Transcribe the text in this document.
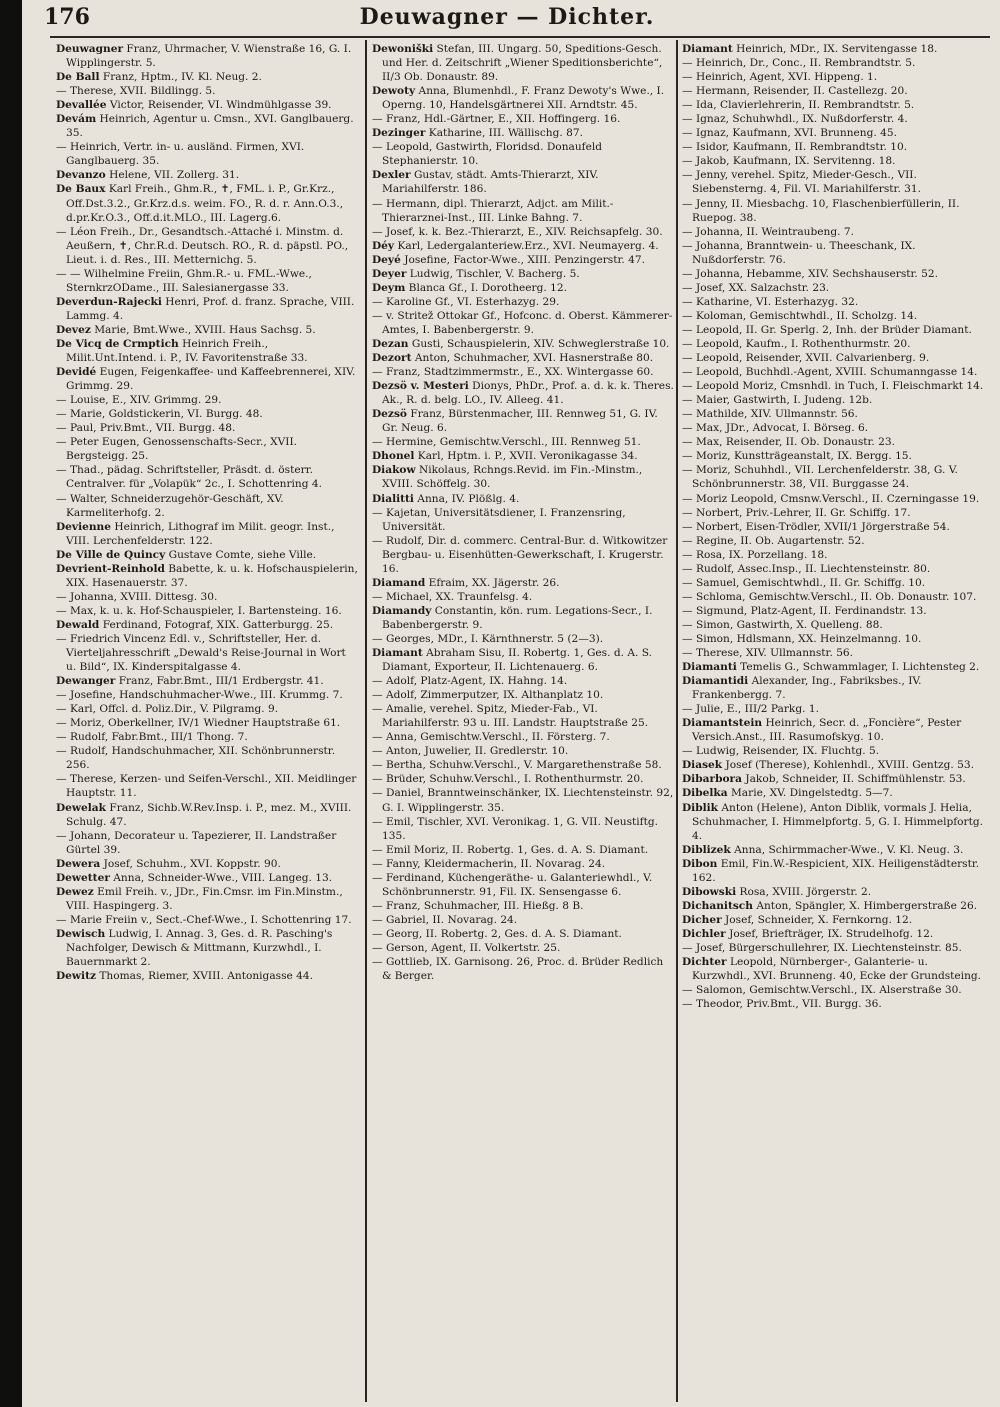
176	Deuwagner — Dichter.
Deuwagner Franz, Uhrmacher, V. Wienstraße 16, G. I. Wipplingerstr. 5.
De Ball Franz, Hptm., IV. Kl. Neug. 2.
— Therese, XVII. Bildlingg. 5.
Devallée Victor, Reisender, VI. Windmühlgasse 39.
Devám Heinrich, Agentur u. Cmsn., XVI. Ganglbauerg. 35.
— Heinrich, Vertr. in- u. ausländ. Firmen, XVI. Ganglbauerg. 35.
Devanzo Helene, VII. Zollerg. 31.
De Baux Karl Freih., Ghm.R., ✝, FML. i. P., Gr.Krz., Off.Dst.3.2., Gr.Krz.d.s. weim. FO., R. d. r. Ann.O.3., d.pr.Kr.O.3., Off.d.it.MLO., III. Lagerg.6.
— Léon Freih., Dr., Gesandtsch.-Attaché i. Minstm. d. Aeußern, ✝, Chr.R.d. Deutsch. RO., R. d. päpstl. PO., Lieut. i. d. Res., III. Metternichg. 5.
— — Wilhelmine Freiin, Ghm.R.- u. FML.-Wwe., SternkrzODame., III. Salesianergasse 33.
Deverdun-Rajecki Henri, Prof. d. franz. Sprache, VIII. Lammg. 4.
Devez Marie, Bmt.Wwe., XVIII. Haus Sachsg. 5.
De Vicq de Crmptich Heinrich Freih., Milit.Unt.Intend. i. P., IV. Favoritenstraße 33.
Devidé Eugen, Feigenkaffee- und Kaffeebrennerei, XIV. Grimmg. 29.
— Louise, E., XIV. Grimmg. 29.
— Marie, Goldstickerin, VI. Burgg. 48.
— Paul, Priv.Bmt., VII. Burgg. 48.
— Peter Eugen, Genossenschafts-Secr., XVII. Bergsteigg. 25.
— Thad., pädag. Schriftsteller, Präsdt. d. österr. Centralver. für „Volapük“ 2c., I. Schottenring 4.
— Walter, Schneiderzugehör-Geschäft, XV. Karmeliterhofg. 2.
Devienne Heinrich, Lithograf im Milit. geogr. Inst., VIII. Lerchenfelderstr. 122.
De Ville de Quincy Gustave Comte, siehe Ville.
Devrient-Reinhold Babette, k. u. k. Hofschauspielerin, XIX. Hasenauerstr. 37.
— Johanna, XVIII. Dittesg. 30.
— Max, k. u. k. Hof-Schauspieler, I. Bartensteing. 16.
Dewald Ferdinand, Fotograf, XIX. Gatterburgg. 25.
— Friedrich Vincenz Edl. v., Schriftsteller, Her. d. Vierteljahresschrift „Dewald's Reise-Journal in Wort u. Bild“, IX. Kinderspitalgasse 4.
Dewanger Franz, Fabr.Bmt., III/1 Erdbergstr. 41.
— Josefine, Handschuhmacher-Wwe., III. Krummg. 7.
— Karl, Offcl. d. Poliz.Dir., V. Pilgramg. 9.
— Moriz, Oberkellner, IV/1 Wiedner Hauptstraße 61.
— Rudolf, Fabr.Bmt., III/1 Thong. 7.
— Rudolf, Handschuhmacher, XII. Schönbrunnerstr. 256.
— Therese, Kerzen- und Seifen-Verschl., XII. Meidlinger Hauptstr. 11.
Dewelak Franz, Sichb.W.Rev.Insp. i. P., mez. M., XVIII. Schulg. 47.
— Johann, Decorateur u. Tapezierer, II. Landstraßer Gürtel 39.
Dewera Josef, Schuhm., XVI. Koppstr. 90.
Dewetter Anna, Schneider-Wwe., VIII. Langeg. 13.
Dewez Emil Freih. v., JDr., Fin.Cmsr. im Fin.Minstm., VIII. Haspingerg. 3.
— Marie Freiin v., Sect.-Chef-Wwe., I. Schottenring 17.
Dewisch Ludwig, I. Annag. 3, Ges. d. R. Pasching's Nachfolger, Dewisch & Mittmann, Kurzwhdl., I. Bauernmarkt 2.
Dewitz Thomas, Riemer, XVIII. Antonigasse 44.
Dewoniški Stefan, III. Ungarg. 50, Speditions-Gesch. und Her. d. Zeitschrift „Wiener Speditionsberichte“, II/3 Ob. Donaustr. 89.
Dewoty Anna, Blumenhdl., F. Franz Dewoty's Wwe., I. Operng. 10, Handelsgärtnerei XII. Arndtstr. 45.
— Franz, Hdl.-Gärtner, E., XII. Hoffingerg. 16.
Dezinger Katharine, III. Wällischg. 87.
— Leopold, Gastwirth, Floridsd. Donaufeld Stephanierstr. 10.
Dexler Gustav, städt. Amts-Thierarzt, XIV. Mariahilferstr. 186.
— Hermann, dipl. Thierarzt, Adjct. am Milit.-Thierarznei-Inst., III. Linke Bahng. 7.
— Josef, k. k. Bez.-Thierarzt, E., XIV. Reichsapfelg. 30.
Déy Karl, Ledergalanteriew.Erz., XVI. Neumayerg. 4.
Deyé Josefine, Factor-Wwe., XIII. Penzingerstr. 47.
Deyer Ludwig, Tischler, V. Bacherg. 5.
Deym Blanca Gf., I. Dorotheerg. 12.
— Karoline Gf., VI. Esterhazyg. 29.
— v. Stritež Ottokar Gf., Hofconc. d. Oberst. Kämmerer-Amtes, I. Babenbergerstr. 9.
Dezan Gusti, Schauspielerin, XIV. Schweglerstraße 10.
Dezort Anton, Schuhmacher, XVI. Hasnerstraße 80.
— Franz, Stadtzimmermstr., E., XX. Wintergasse 60.
Dezsö v. Mesteri Dionys, PhDr., Prof. a. d. k. k. Theres. Ak., R. d. belg. LO., IV. Alleeg. 41.
Dezsö Franz, Bürstenmacher, III. Rennweg 51, G. IV. Gr. Neug. 6.
— Hermine, Gemischtw.Verschl., III. Rennweg 51.
Dhonel Karl, Hptm. i. P., XVII. Veronikagasse 34.
Diakow Nikolaus, Rchngs.Revid. im Fin.-Minstm., XVIII. Schöffelg. 30.
Dialitti Anna, IV. Plößlg. 4.
— Kajetan, Universitätsdiener, I. Franzensring, Universität.
— Rudolf, Dir. d. commerc. Central-Bur. d. Witkowitzer Bergbau- u. Eisenhütten-Gewerkschaft, I. Krugerstr. 16.
Diamand Efraim, XX. Jägerstr. 26.
— Michael, XX. Traunfelsg. 4.
Diamandy Constantin, kön. rum. Legations-Secr., I. Babenbergerstr. 9.
— Georges, MDr., I. Kärnthnerstr. 5 (2—3).
Diamant Abraham Sisu, II. Robertg. 1, Ges. d. A. S. Diamant, Exporteur, II. Lichtenauerg. 6.
— Adolf, Platz-Agent, IX. Hahng. 14.
— Adolf, Zimmerputzer, IX. Althanplatz 10.
— Amalie, verehel. Spitz, Mieder-Fab., VI. Mariahilferstr. 93 u. III. Landstr. Hauptstraße 25.
— Anna, Gemischtw.Verschl., II. Försterg. 7.
— Anton, Juwelier, II. Gredlerstr. 10.
— Bertha, Schuhw.Verschl., V. Margarethenstraße 58.
— Brüder, Schuhw.Verschl., I. Rothenthurmstr. 20.
— Daniel, Branntweinschänker, IX. Liechtensteinstr. 92, G. I. Wipplingerstr. 35.
— Emil, Tischler, XVI. Veronikag. 1, G. VII. Neustiftg. 135.
— Emil Moriz, II. Robertg. 1, Ges. d. A. S. Diamant.
— Fanny, Kleidermacherin, II. Novarag. 24.
— Ferdinand, Küchengeräthe- u. Galanteriewhdl., V. Schönbrunnerstr. 91, Fil. IX. Sensengasse 6.
— Franz, Schuhmacher, III. Hießg. 8 B.
— Gabriel, II. Novarag. 24.
— Georg, II. Robertg. 2, Ges. d. A. S. Diamant.
— Gerson, Agent, II. Volkertstr. 25.
— Gottlieb, IX. Garnisong. 26, Proc. d. Brüder Redlich & Berger.
Diamant Heinrich, MDr., IX. Servitengasse 18.
— Heinrich, Dr., Conc., II. Rembrandtstr. 5.
— Heinrich, Agent, XVI. Hippeng. 1.
— Hermann, Reisender, II. Castellezg. 20.
— Ida, Clavierlehrerin, II. Rembrandtstr. 5.
— Ignaz, Schuhwhdl., IX. Nußdorferstr. 4.
— Ignaz, Kaufmann, XVI. Brunneng. 45.
— Isidor, Kaufmann, II. Rembrandtstr. 10.
— Jakob, Kaufmann, IX. Servitenng. 18.
— Jenny, verehel. Spitz, Mieder-Gesch., VII. Siebensterng. 4, Fil. VI. Mariahilferstr. 31.
— Jenny, II. Miesbachg. 10, Flaschenbierfüllerin, II. Ruepog. 38.
— Johanna, II. Weintraubeng. 7.
— Johanna, Branntwein- u. Theeschank, IX. Nußdorferstr. 76.
— Johanna, Hebamme, XIV. Sechshauserstr. 52.
— Josef, XX. Salzachstr. 23.
— Katharine, VI. Esterhazyg. 32.
— Koloman, Gemischtwhdl., II. Scholzg. 14.
— Leopold, II. Gr. Sperlg. 2, Inh. der Brüder Diamant.
— Leopold, Kaufm., I. Rothenthurmstr. 20.
— Leopold, Reisender, XVII. Calvarienberg. 9.
— Leopold, Buchhdl.-Agent, XVIII. Schumanngasse 14.
— Leopold Moriz, Cmsnhdl. in Tuch, I. Fleischmarkt 14.
— Maier, Gastwirth, I. Judeng. 12b.
— Mathilde, XIV. Ullmannstr. 56.
— Max, JDr., Advocat, I. Börseg. 6.
— Max, Reisender, II. Ob. Donaustr. 23.
— Moriz, Kunstträgeanstalt, IX. Bergg. 15.
— Moriz, Schuhhdl., VII. Lerchenfelderstr. 38, G. V. Schönbrunnerstr. 38, VII. Burggasse 24.
— Moriz Leopold, Cmsnw.Verschl., II. Czerningasse 19.
— Norbert, Priv.-Lehrer, II. Gr. Schiffg. 17.
— Norbert, Eisen-Trödler, XVII/1 Jörgerstraße 54.
— Regine, II. Ob. Augartenstr. 52.
— Rosa, IX. Porzellang. 18.
— Rudolf, Assec.Insp., II. Liechtensteinstr. 80.
— Samuel, Gemischtwhdl., II. Gr. Schiffg. 10.
— Schloma, Gemischtw.Verschl., II. Ob. Donaustr. 107.
— Sigmund, Platz-Agent, II. Ferdinandstr. 13.
— Simon, Gastwirth, X. Quelleng. 88.
— Simon, Hdlsmann, XX. Heinzelmanng. 10.
— Therese, XIV. Ullmannstr. 56.
Diamanti Temelis G., Schwammlager, I. Lichtensteg 2.
Diamantidi Alexander, Ing., Fabriksbes., IV. Frankenbergg. 7.
— Julie, E., III/2 Parkg. 1.
Diamantstein Heinrich, Secr. d. „Foncière“, Pester Versich.Anst., III. Rasumofskyg. 10.
— Ludwig, Reisender, IX. Fluchtg. 5.
Diasek Josef (Therese), Kohlenhdl., XVIII. Gentzg. 53.
Dibarbora Jakob, Schneider, II. Schiffmühlenstr. 53.
Dibelka Marie, XV. Dingelstedtg. 5—7.
Diblik Anton (Helene), Anton Diblik, vormals J. Helia, Schuhmacher, I. Himmelpfortg. 5, G. I. Himmelpfortg. 4.
Diblizek Anna, Schirmmacher-Wwe., V. Kl. Neug. 3.
Dibon Emil, Fin.W.-Respicient, XIX. Heiligenstädterstr. 162.
Dibowski Rosa, XVIII. Jörgerstr. 2.
Dichanitsch Anton, Spängler, X. Himbergerstraße 26.
Dicher Josef, Schneider, X. Fernkorng. 12.
Dichler Josef, Briefträger, IX. Strudelhofg. 12.
— Josef, Bürgerschullehrer, IX. Liechtensteinstr. 85.
Dichter Leopold, Nürnberger-, Galanterie- u. Kurzwhdl., XVI. Brunneng. 40, Ecke der Grundsteing.
— Salomon, Gemischtw.Verschl., IX. Alserstraße 30.
— Theodor, Priv.Bmt., VII. Burgg. 36.
